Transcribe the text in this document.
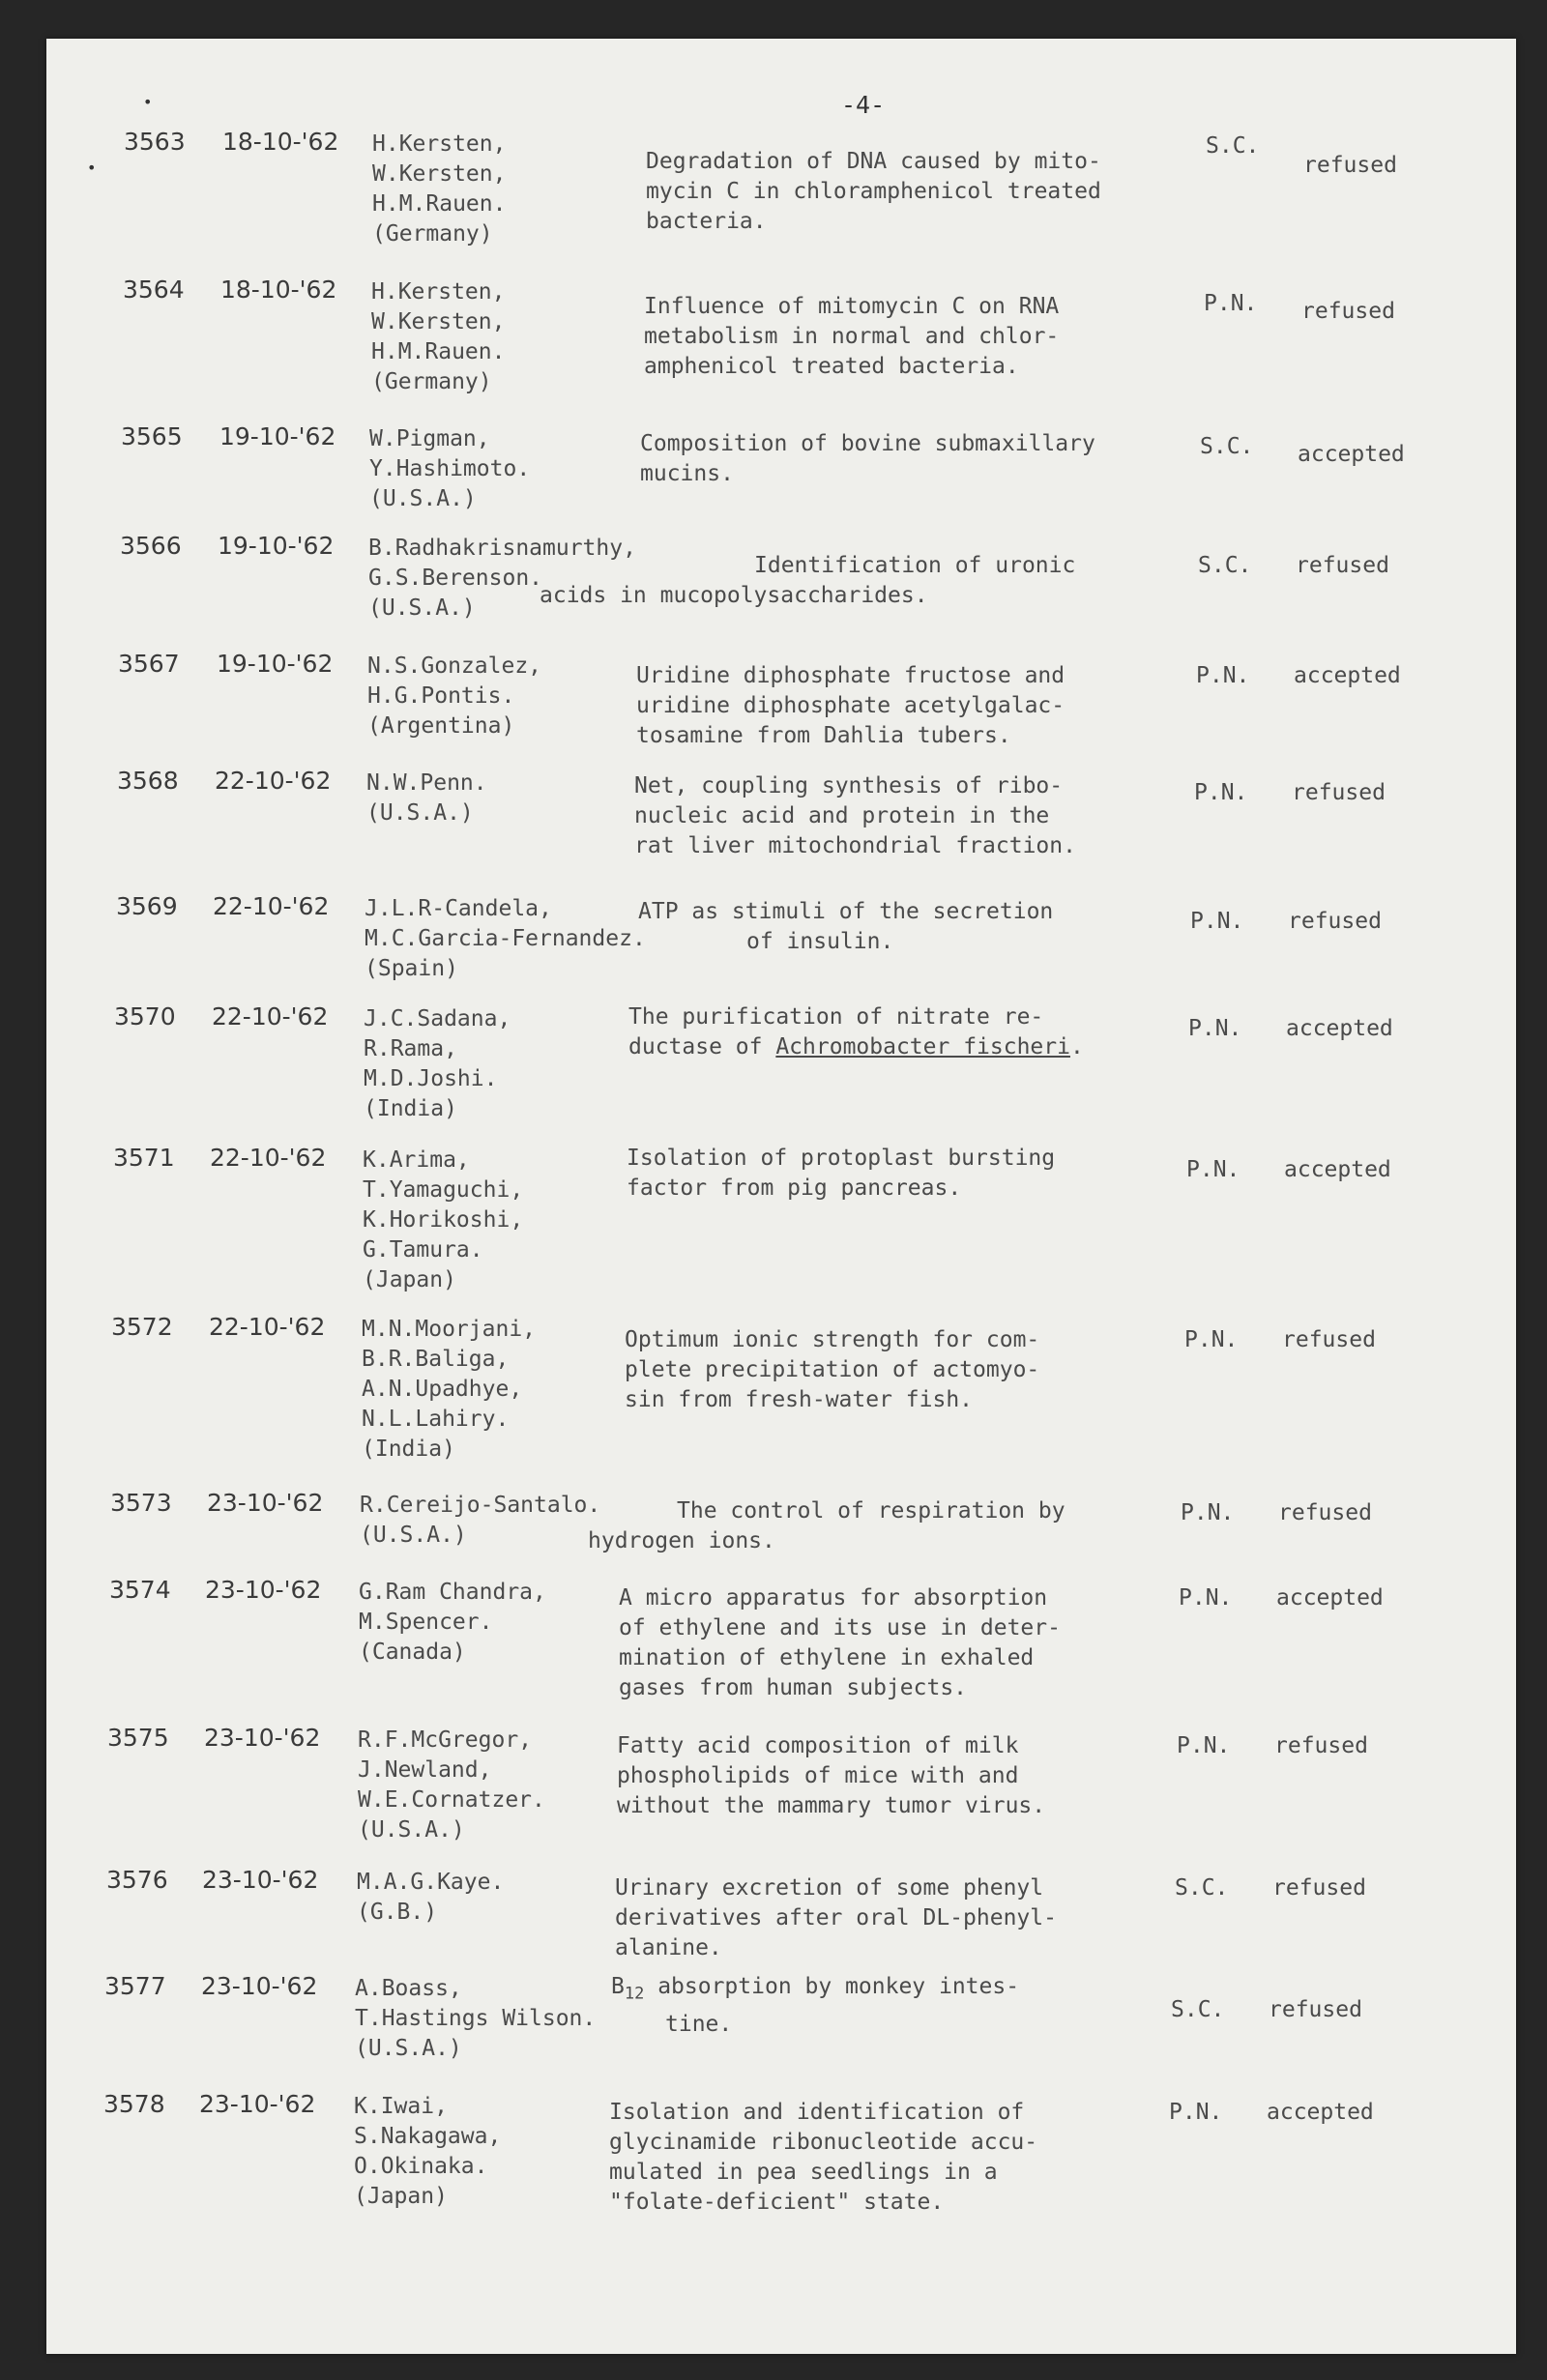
•
•
-4-
3563 18-10-'62 H.Kersten,
W.Kersten,
H.M.Rauen.
(Germany)
Degradation of DNA caused by mito-
mycin C in chloramphenicol treated
bacteria.
S.C.
refused
3564 18-10-'62 H.Kersten,
W.Kersten,
H.M.Rauen.
(Germany)
Influence of mitomycin C on RNA
metabolism in normal and chlor-
amphenicol treated bacteria.
P.N. refused
3565 19-10-'62 W.Pigman,
Y.Hashimoto.
(U.S.A.)
Composition of bovine submaxillary
mucins.
S.C. accepted
3566 19-10-'62 B.Radhakrisnamurthy,
G.S.Berenson.
(U.S.A.)
Identification of uronic
acids in mucopolysaccharides.
S.C. refused
3567 19-10-'62 N.S.Gonzalez,
H.G.Pontis.
(Argentina)
Uridine diphosphate fructose and
uridine diphosphate acetylgalac-
tosamine from Dahlia tubers.
P.N. accepted
3568 22-10-'62 N.W.Penn.
(U.S.A.)
Net, coupling synthesis of ribo-
nucleic acid and protein in the
rat liver mitochondrial fraction.
P.N. refused
3569 22-10-'62 J.L.R-Candela,
M.C.Garcia-Fernandez.
(Spain)
ATP as stimuli of the secretion
of insulin.
P.N. refused
3570 22-10-'62 J.C.Sadana,
R.Rama,
M.D.Joshi.
(India)
The purification of nitrate re-
ductase of Achromobacter fischeri.
P.N. accepted
3571 22-10-'62 K.Arima,
T.Yamaguchi,
K.Horikoshi,
G.Tamura.
(Japan)
Isolation of protoplast bursting
factor from pig pancreas.
P.N. accepted
3572 22-10-'62 M.N.Moorjani,
B.R.Baliga,
A.N.Upadhye,
N.L.Lahiry.
(India)
Optimum ionic strength for com-
plete precipitation of actomyo-
sin from fresh-water fish.
P.N. refused
3573 23-10-'62 R.Cereijo-Santalo.
(U.S.A.)
The control of respiration by
hydrogen ions.
P.N. refused
3574 23-10-'62 G.Ram Chandra,
M.Spencer.
(Canada)
A micro apparatus for absorption
of ethylene and its use in deter-
mination of ethylene in exhaled
gases from human subjects.
P.N. accepted
3575 23-10-'62 R.F.McGregor,
J.Newland,
W.E.Cornatzer.
(U.S.A.)
Fatty acid composition of milk
phospholipids of mice with and
without the mammary tumor virus.
P.N. refused
3576 23-10-'62 M.A.G.Kaye.
(G.B.)
Urinary excretion of some phenyl
derivatives after oral DL-phenyl-
alanine.
S.C. refused
3577 23-10-'62 A.Boass,
T.Hastings Wilson.
(U.S.A.)
$B_{12}$ absorption by monkey intes-
tine.
S.C. refused
3578 23-10-'62 K.Iwai,
S.Nakagawa,
O.Okinaka.
(Japan)
Isolation and identification of
glycinamide ribonucleotide accu-
mulated in pea seedlings in a
"folate-deficient" state.
P.N. accepted
